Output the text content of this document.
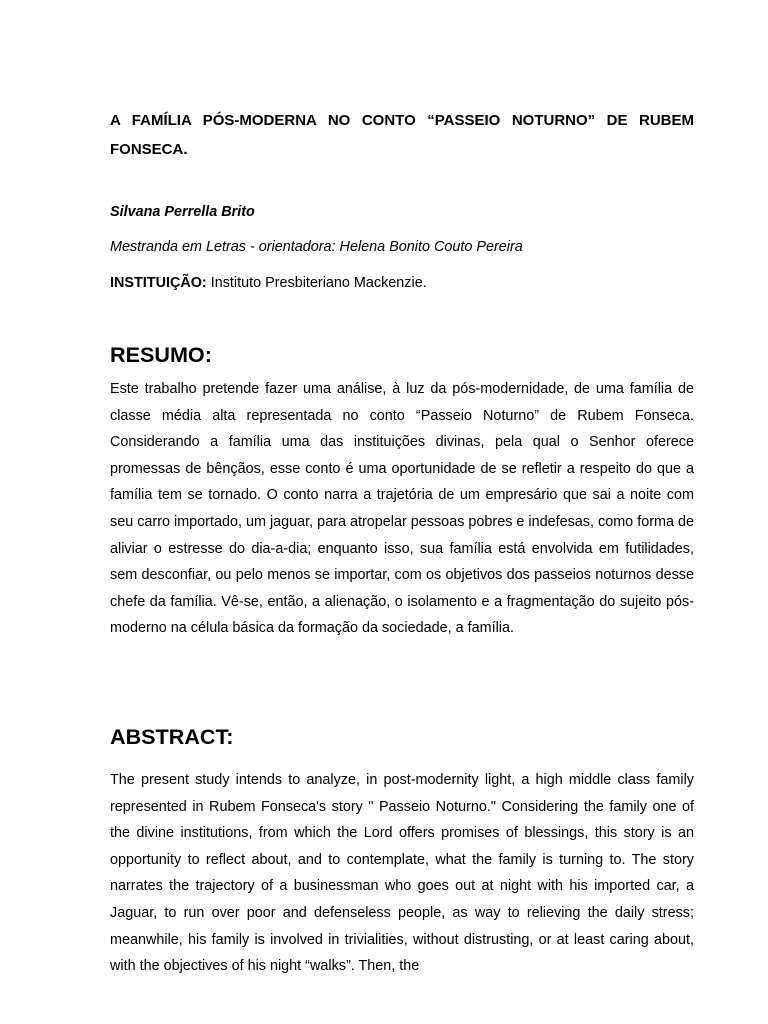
A FAMÍLIA PÓS-MODERNA NO CONTO “PASSEIO NOTURNO” DE RUBEM FONSECA.

Silvana Perrella Brito

Mestranda em Letras - orientadora: Helena Bonito Couto Pereira

INSTITUIÇÃO: Instituto Presbiteriano Mackenzie.

RESUMO:

Este trabalho pretende fazer uma análise, à luz da pós-modernidade, de uma família de classe média alta representada no conto “Passeio Noturno” de Rubem Fonseca. Considerando a família uma das instituições divinas, pela qual o Senhor oferece promessas de bênçãos, esse conto é uma oportunidade de se refletir a respeito do que a família tem se tornado. O conto narra a trajetória de um empresário que sai a noite com seu carro importado, um jaguar, para atropelar pessoas pobres e indefesas, como forma de aliviar o estresse do dia-a-dia; enquanto isso, sua família está envolvida em futilidades, sem desconfiar, ou pelo menos se importar, com os objetivos dos passeios noturnos desse chefe da família. Vê-se, então, a alienação, o isolamento e a fragmentação do sujeito pós-moderno na célula básica da formação da sociedade, a família.

ABSTRACT:

The present study intends to analyze, in post-modernity light, a high middle class family represented in Rubem Fonseca's story " Passeio Noturno." Considering the family one of the divine institutions, from which the Lord offers promises of blessings, this story is an opportunity to reflect about, and to contemplate, what the family is turning to. The story narrates the trajectory of a businessman who goes out at night with his imported car, a Jaguar, to run over poor and defenseless people, as way to relieving the daily stress; meanwhile, his family is involved in trivialities, without distrusting, or at least caring about, with the objectives of his night “walks”. Then, the
